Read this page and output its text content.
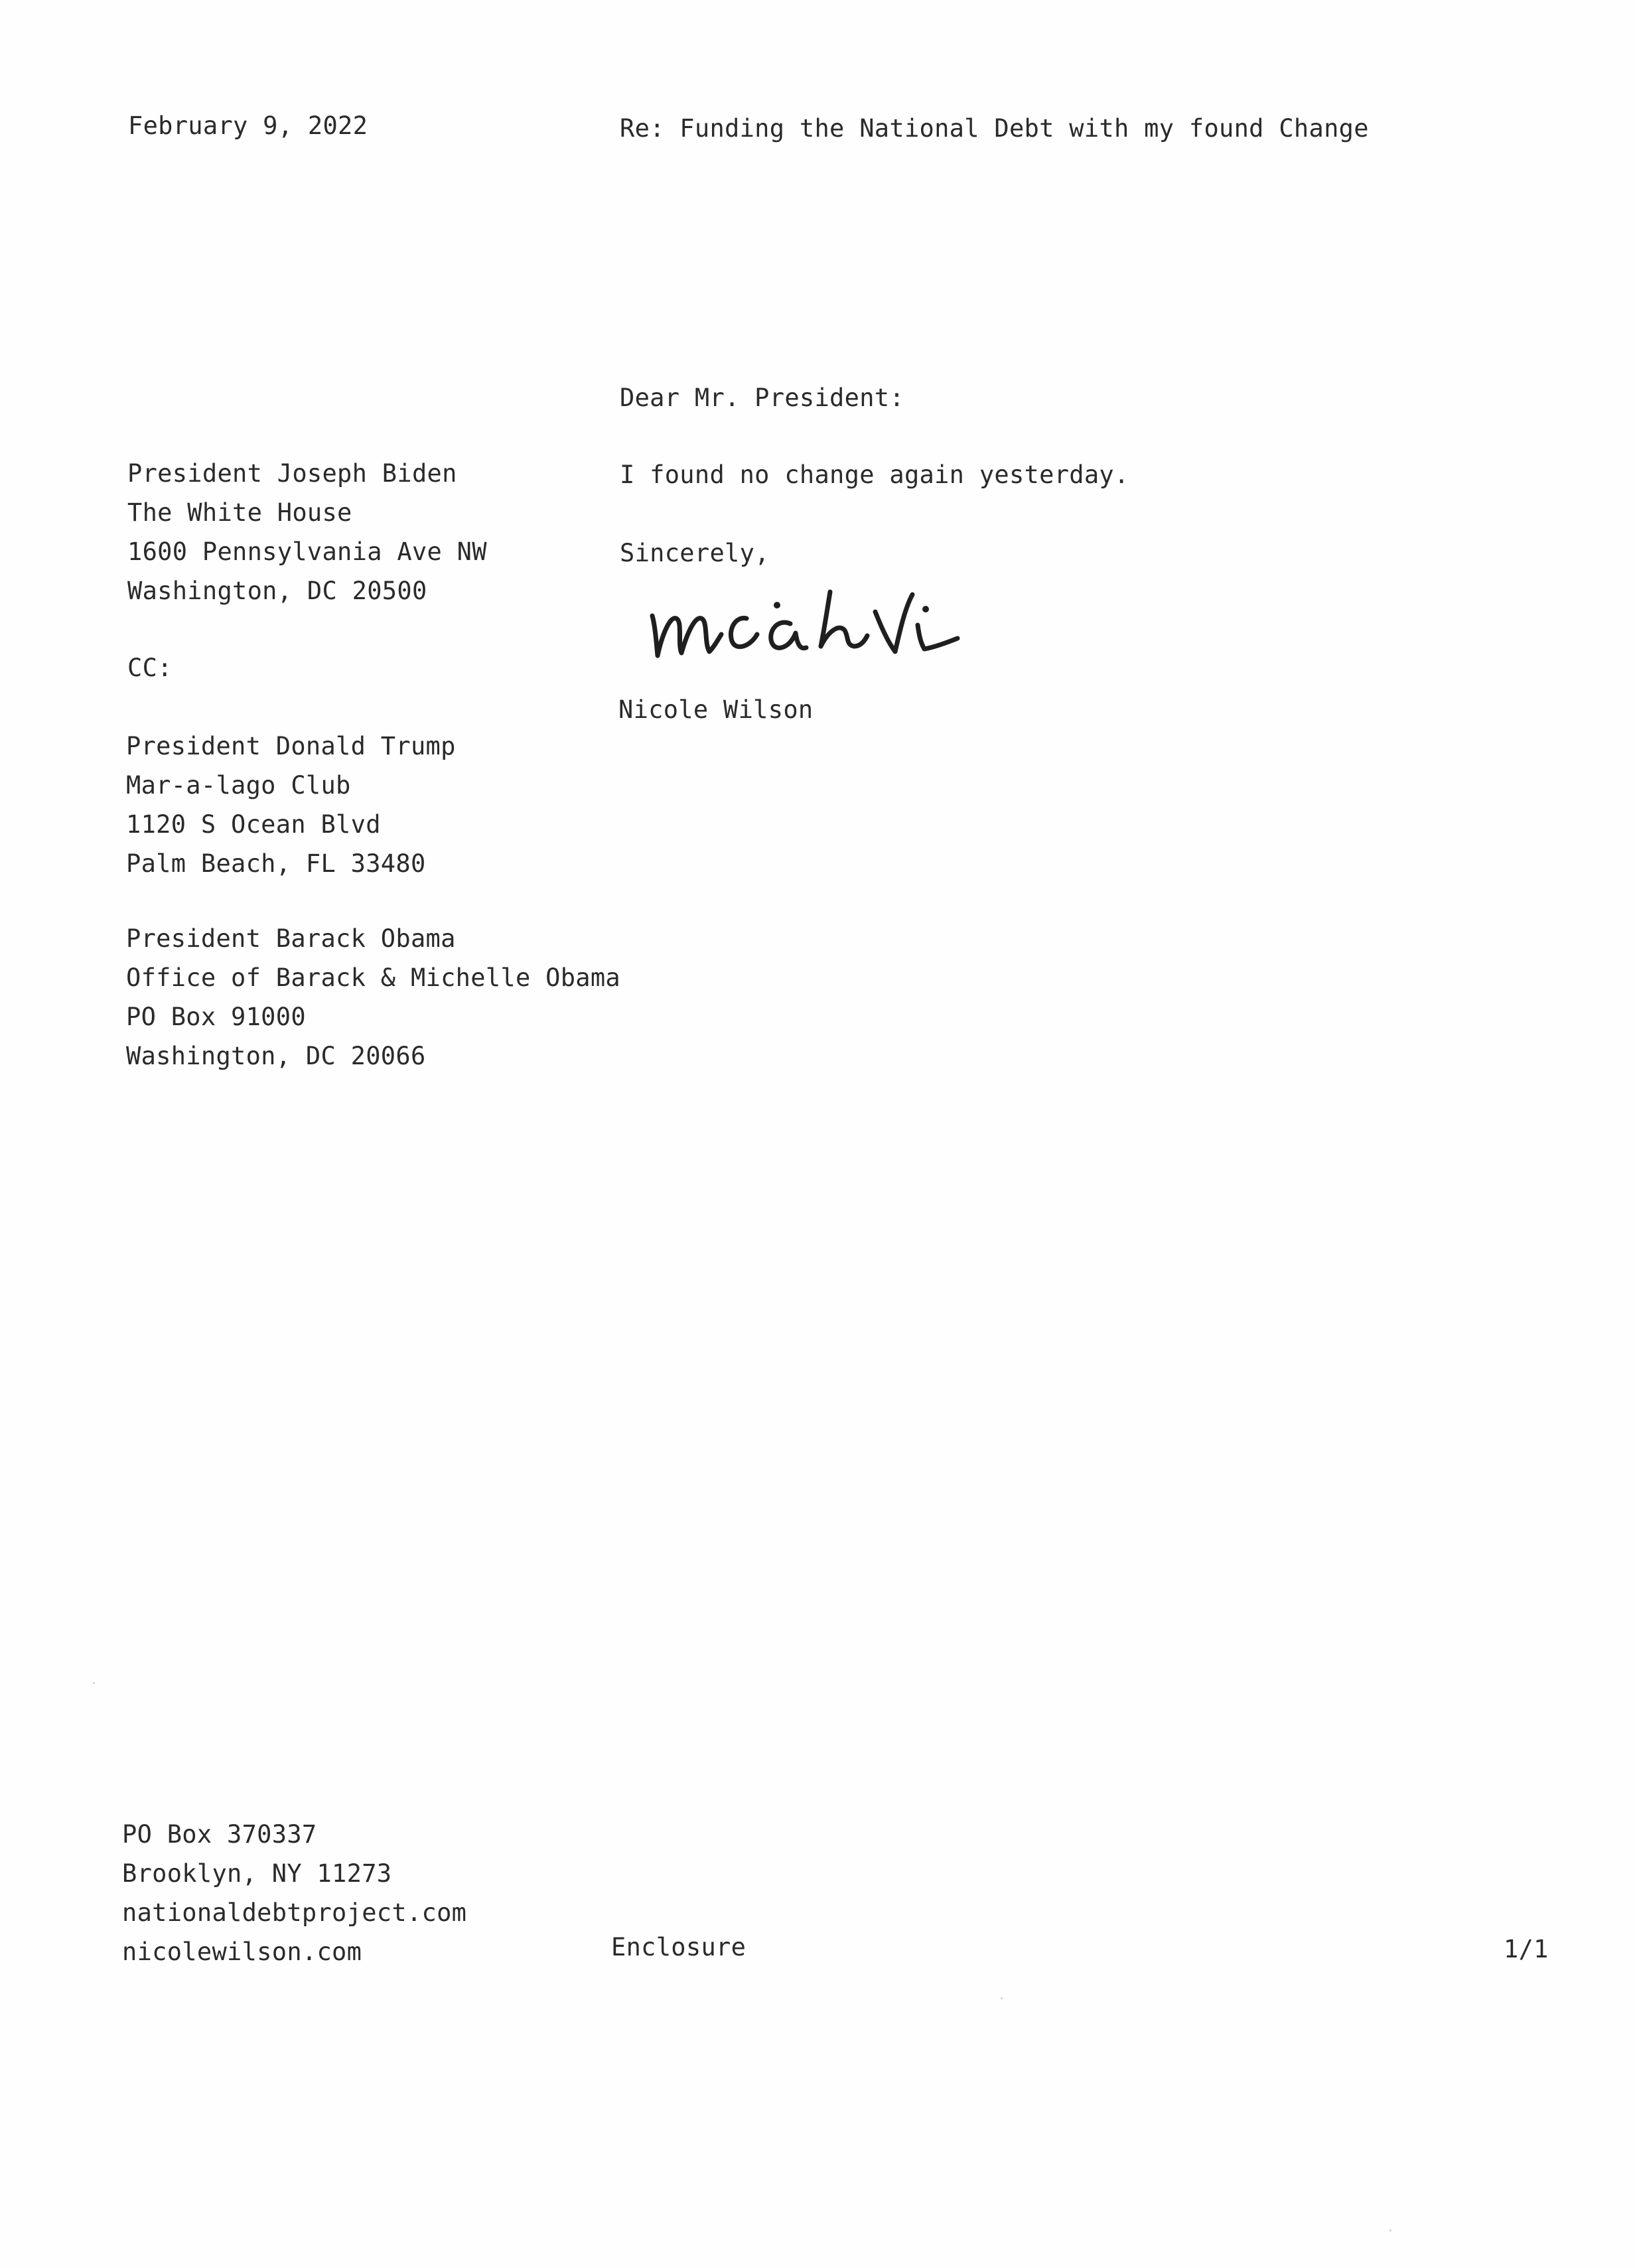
February 9, 2022	Re: Funding the National Debt with my found Change
Dear Mr. President:
I found no change again yesterday.
Sincerely,
Nicole Wilson
President Joseph Biden
The White House
1600 Pennsylvania Ave NW
Washington, DC 20500
CC:
President Donald Trump
Mar-a-lago Club
1120 S Ocean Blvd
Palm Beach, FL 33480
President Barack Obama
Office of Barack & Michelle Obama
PO Box 91000
Washington, DC 20066
PO Box 370337
Brooklyn, NY 11273
nationaldebtproject.com
nicolewilson.com	Enclosure	1/1
